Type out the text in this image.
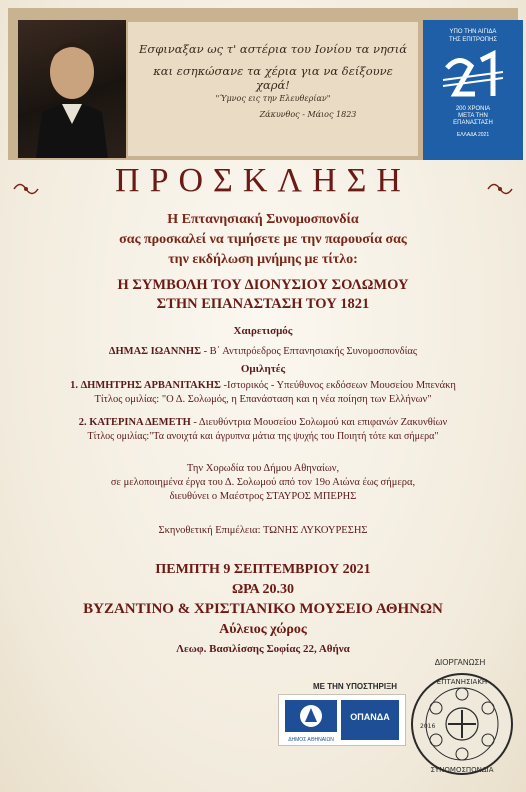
Εσφιναξαν ως τ' αστέρια του Ιονίου τα νησιά
και εσηκώσανε τα χέρια για να δείξουνε χαρά!
"Ύμνος εις την Ελευθερίαν"
Ζάκυνθος - Μάιος 1823
ΥΠΟ ΤΗΝ ΑΙΓΙΔΑ
ΤΗΣ ΕΠΙΤΡΟΠΗΣ
200 ΧΡΟΝΙΑ
ΜΕΤΑ ΤΗΝ
ΕΠΑΝΑΣΤΑΣΗ
ΕΛΛΑΔΑ 2021
ΠΡΟΣΚΛΗΣΗ
Η Επτανησιακή Συνομοσπονδία
σας προσκαλεί να τιμήσετε με την παρουσία σας
την εκδήλωση μνήμης με τίτλο:
Η ΣΥΜΒΟΛΗ ΤΟΥ ΔΙΟΝΥΣΙΟΥ ΣΟΛΩΜΟΥ
ΣΤΗΝ ΕΠΑΝΑΣΤΑΣΗ ΤΟΥ 1821
Χαιρετισμός
ΔΗΜΑΣ ΙΩΑΝΝΗΣ - Β΄ Αντιπρόεδρος Επτανησιακής Συνομοσπονδίας
Ομιλητές
1. ΔΗΜΗΤΡΗΣ ΑΡΒΑΝΙΤΑΚΗΣ -Ιστορικός - Υπεύθυνος εκδόσεων Μουσείου Μπενάκη
Τίτλος ομιλίας: "Ο Δ. Σολωμός, η Επανάσταση και η νέα ποίηση των Ελλήνων"
2. ΚΑΤΕΡΙΝΑ ΔΕΜΕΤΗ - Διευθύντρια Μουσείου Σολωμού και επιφανών Ζακυνθίων
Τίτλος ομιλίας:"Τα ανοιχτά και άγρυπνα μάτια της ψυχής του Ποιητή τότε και σήμερα"
Την Χορωδία του Δήμου Αθηναίων,
σε μελοποιημένα έργα του Δ. Σολωμού από τον 19ο Αιώνα έως σήμερα,
διευθύνει ο Μαέστρος ΣΤΑΥΡΟΣ ΜΠΕΡΗΣ
Σκηνοθετική Επιμέλεια: ΤΩΝΗΣ ΛΥΚΟΥΡΕΣΗΣ
ΠΕΜΠΤΗ 9 ΣΕΠΤΕΜΒΡΙΟΥ 2021
ΩΡΑ 20.30
ΒΥΖΑΝΤΙΝΟ & ΧΡΙΣΤΙΑΝΙΚΟ ΜΟΥΣΕΙΟ ΑΘΗΝΩΝ
Αύλειος χώρος
Λεωφ. Βασιλίσσης Σοφίας 22, Αθήνα
ΜΕ ΤΗΝ ΥΠΟΣΤΗΡΙΞΗ
ΔΗΜΟΣ ΑΘΗΝΑΙΩΝ
ΟΠΑΝΔΑ
ΔΙΟΡΓΑΝΩΣΗ
ΕΠΤΑΝΗΣΙΑΚΗ
ΣΥΝΟΜΟΣΠΟΝΔΙΑ
2016
